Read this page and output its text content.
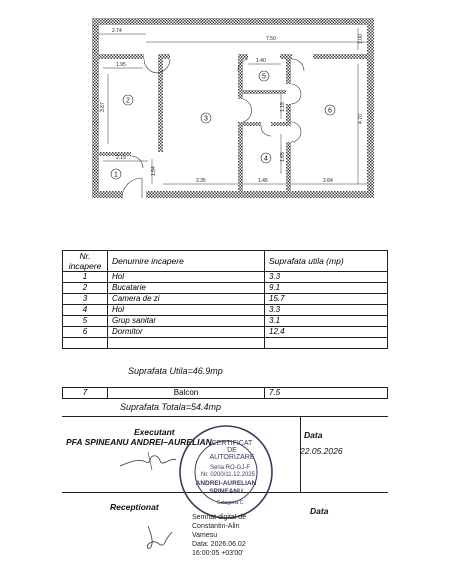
2.74
7.50
1.95
1.40
3.87
2.19
1.54
2.35	1.45	2.64
4.70
1.00
1.15
1.65
1
2
3
4
5
6
Nr. incapere	Denumire incapere	Suprafata utila (mp)
1	Hol	3.3
2	Bucatarie	9.1
3	Camera de zi	15.7
4	Hol	3.3
5	Grup sanitar	3.1
6	Dormitor	12.4

Suprafata Utila=46.9mp
7	Balcon	7.5
Suprafata Totala=54.4mp
Executant
PFA SPINEANU ANDREI–AURELIAN
Data
22.05.2026
CERTIFICAT
DE
AUTORIZARE
Seria RO-GJ-F
Nr. 0200/11.12.2025
ANDREI-AURELIAN
SPINEANU
Categoria C
Receptionat	Data
Semnat digital de
Constantin-Alin
Vamesu
Data: 2026.06.02
16:00:05 +03'00'
